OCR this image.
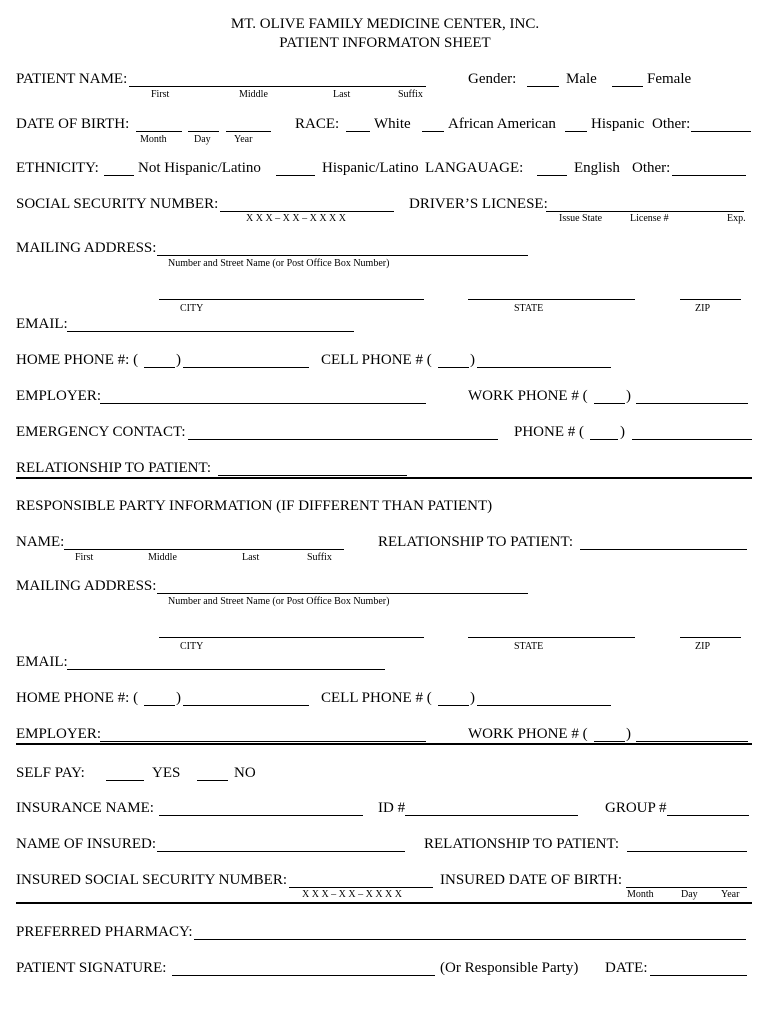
MT. OLIVE FAMILY MEDICINE CENTER, INC.
PATIENT INFORMATON SHEET
PATIENT NAME:
First	Middle	Last	Suffix
Gender:	Male	Female
DATE OF BIRTH:
Month	Day Year
RACE: White African American Hispanic Other:
ETHNICITY:	Not Hispanic/Latino	Hispanic/Latino LANGAUAGE:	English Other:
SOCIAL SECURITY NUMBER:
X X X – X X – X X X X
DRIVER’S LICNESE:
Issue State	License #	Exp.
MAILING ADDRESS:
Number and Street Name (or Post Office Box Number)
CITY	STATE	ZIP
EMAIL:
HOME PHONE #: (	)	CELL PHONE # (	)
EMPLOYER:	WORK PHONE # (	)
EMERGENCY CONTACT:	PHONE # ( )
RELATIONSHIP TO PATIENT:
RESPONSIBLE PARTY INFORMATION (IF DIFFERENT THAN PATIENT)
NAME:
First	Middle	Last	Suffix
RELATIONSHIP TO PATIENT:
MAILING ADDRESS:
Number and Street Name (or Post Office Box Number)
CITY	STATE	ZIP
EMAIL:
HOME PHONE #: (	)	CELL PHONE # (	)
EMPLOYER:	WORK PHONE # (	)
SELF PAY:	YES	NO
INSURANCE NAME:	ID #	GROUP #
NAME OF INSURED:	RELATIONSHIP TO PATIENT:
INSURED SOCIAL SECURITY NUMBER:
X X X – X X – X X X X
INSURED DATE OF BIRTH:
Month	Day Year
PREFERRED PHARMACY:
PATIENT SIGNATURE:	(Or Responsible Party) DATE:
